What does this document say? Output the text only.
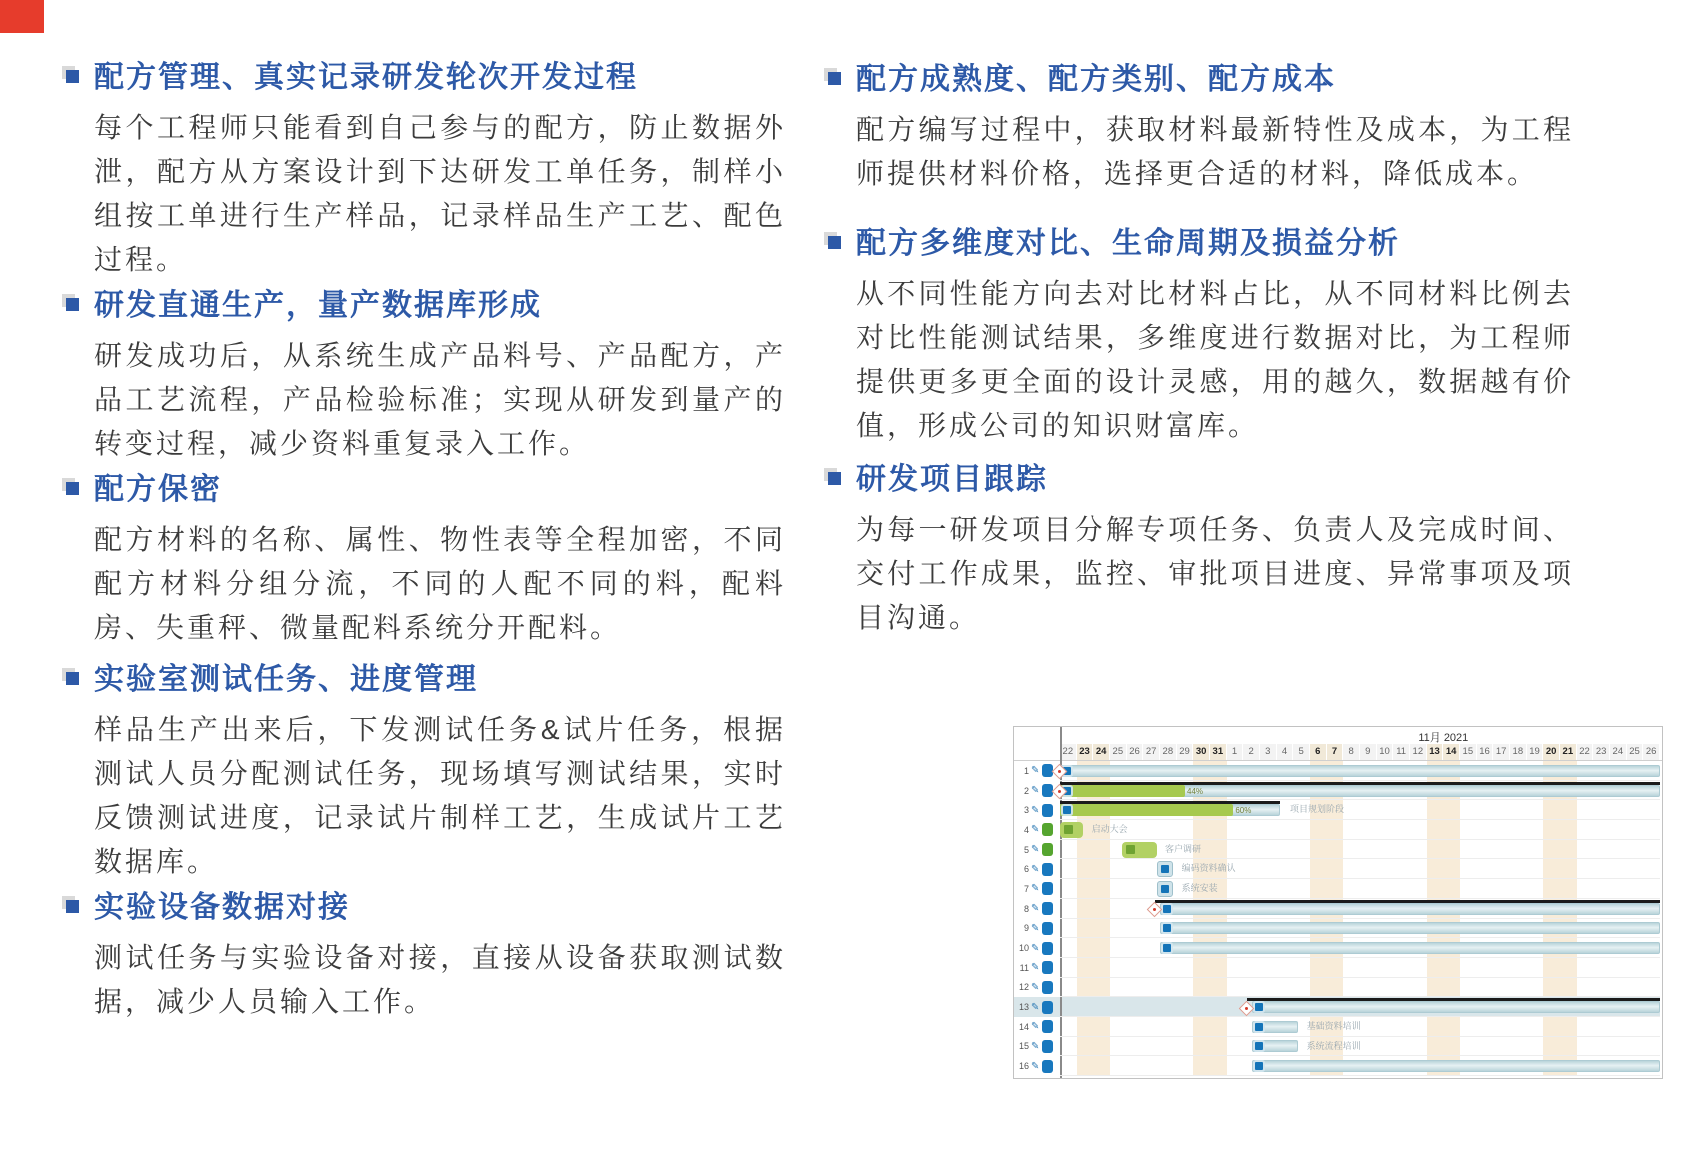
配方管理、真实记录研发轮次开发过程
每个工程师只能看到自己参与的配方，防止数据外泄，配方从方案设计到下达研发工单任务，制样小组按工单进行生产样品，记录样品生产工艺、配色过程。
研发直通生产，量产数据库形成
研发成功后，从系统生成产品料号、产品配方，产品工艺流程，产品检验标准；实现从研发到量产的转变过程，减少资料重复录入工作。
配方保密
配方材料的名称、属性、物性表等全程加密，不同配方材料分组分流，不同的人配不同的料，配料房、失重秤、微量配料系统分开配料。
实验室测试任务、进度管理
样品生产出来后，下发测试任务&试片任务，根据测试人员分配测试任务，现场填写测试结果，实时反馈测试进度，记录试片制样工艺，生成试片工艺数据库。
实验设备数据对接
测试任务与实验设备对接，直接从设备获取测试数据，减少人员输入工作。
配方成熟度、配方类别、配方成本
配方编写过程中，获取材料最新特性及成本，为工程师提供材料价格，选择更合适的材料，降低成本。
配方多维度对比、生命周期及损益分析
从不同性能方向去对比材料占比，从不同材料比例去对比性能测试结果，多维度进行数据对比，为工程师提供更多更全面的设计灵感，用的越久，数据越有价值，形成公司的知识财富库。
研发项目跟踪
为每一研发项目分解专项任务、负责人及完成时间、交付工作成果，监控、审批项目进度、异常事项及项目沟通。
11月 2021
22 23 24 25 26 27 28 29 30 31 1	2	3	4	5	6	7	8	9 10 11 12 13 14 15 16 17 18 19 20 21 22 23 24 25 26
1 ✎
2 ✎	44%
3 ✎	60%	项目规划阶段
4 ✎	启动大会
5 ✎	客户调研
6 ✎	编码资料确认
7 ✎	系统安装
8 ✎
9 ✎
10 ✎
11 ✎
12 ✎
13 ✎
14 ✎	基础资料培训
15 ✎	系统流程培训
16 ✎
